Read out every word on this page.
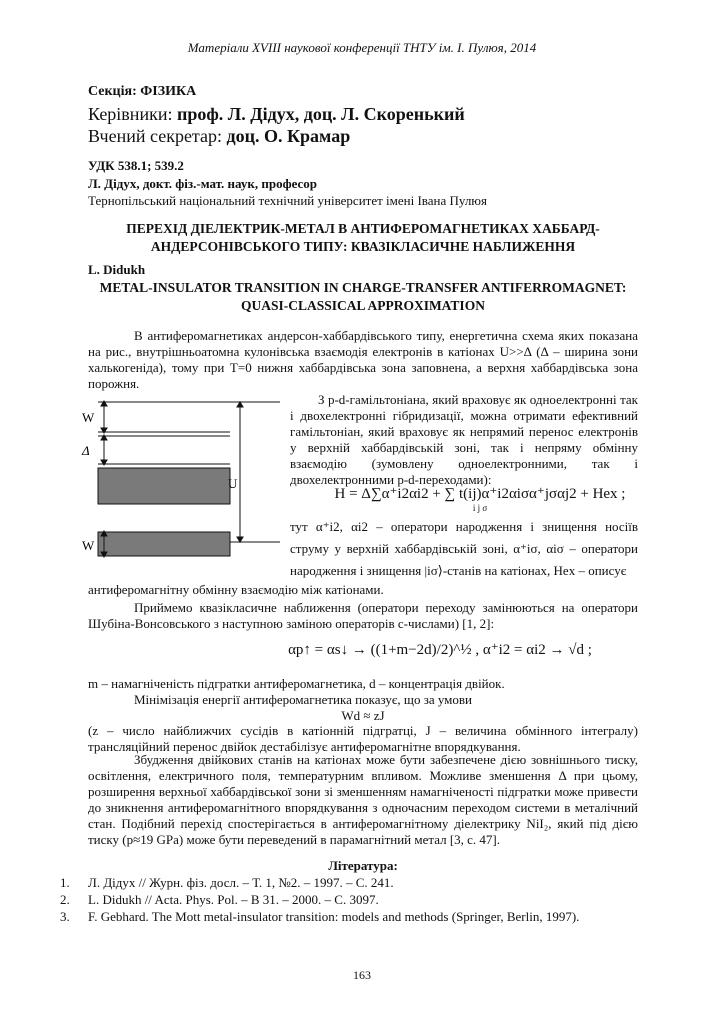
Матеріали XVIII наукової конференції ТНТУ ім. І. Пулюя, 2014
Секція: ФІЗИКА
Керівники: проф. Л. Дідух, доц. Л. Скоренький
Вчений секретар: доц. О. Крамар
УДК 538.1; 539.2
Л. Дідух, докт. фіз.-мат. наук, професор
Тернопільський національний технічний університет імені Івана Пулюя
ПЕРЕХІД ДІЕЛЕКТРИК-МЕТАЛ В АНТИФЕРОМАГНЕТИКАХ ХАББАРД-АНДЕРСОНІВСЬКОГО ТИПУ: КВАЗІКЛАСИЧНЕ НАБЛИЖЕННЯ
L. Didukh
METAL-INSULATOR TRANSITION IN CHARGE-TRANSFER ANTIFERROMAGNET: QUASI-CLASSICAL APPROXIMATION
В антиферомагнетиках андерсон-хаббардівського типу, енергетична схема яких показана на рис., внутрішньоатомна кулонівська взаємодія електронів в катіонах U>>Δ (Δ – ширина зони халькогеніда), тому при T=0 нижня хаббардівська зона заповнена, а верхня хаббардівська зона порожня.
W
Δ
U
W
З p-d-гамільтоніана, який враховує як одноелектронні так і двохелектронні гібридизації, можна отримати ефективний гамільтоніан, який враховує як непрямий перенос електронів у верхній хаббардівській зоні, так і непряму обмінну взаємодію (зумовлену одноелектронними, так і двохелектронними p-d-переходами):
H = Δ∑α⁺i2αi2 + ∑ t(ij)α⁺i2αiσα⁺jσαj2 + Hex ;
i j σ
тут α⁺i2, αi2 – оператори народження і знищення носіїв струму у верхній хаббардівській зоні, α⁺iσ, αiσ – оператори народження і знищення |iσ⟩-станів на катіонах, Hex – описує
антиферомагнітну обмінну взаємодію між катіонами.
Приймемо квазікласичне наближення (оператори переходу замінюються на оператори Шубіна-Вонсовського з наступною заміною операторів c-числами) [1, 2]:
αp↑ = αs↓ → ((1+m−2d)/2)^½ , α⁺i2 = αi2 → √d ;
m – намагніченість підгратки антиферомагнетика, d – концентрація двійок.
Мінімізація енергії антиферомагнетика показує, що за умови
Wd ≈ zJ
(z – число найближчих сусідів в катіонній підгратці, J – величина обмінного інтегралу) трансляційний перенос двійок дестабілізує антиферомагнітне впорядкування.
Збудження двійкових станів на катіонах може бути забезпечене дією зовнішнього тиску, освітлення, електричного поля, температурним впливом. Можливе зменшення Δ при цьому, розширення верхньої хаббардівської зони зі зменшенням намагніченості підгратки може привести до зникнення антиферомагнітного впорядкування з одночасним переходом системи в металічний стан. Подібний перехід спостерігається в антиферомагнітному діелектрику NiI₂, який під дією тиску (p≈19 GPa) може бути переведений в парамагнітний метал [3, с. 47].
Література:
1. Л. Дідух // Журн. фіз. досл. – Т. 1, №2. – 1997. – С. 241.
2. L. Didukh // Acta. Phys. Pol. – B 31. – 2000. – С. 3097.
3. F. Gebhard. The Mott metal-insulator transition: models and methods (Springer, Berlin, 1997).
163
